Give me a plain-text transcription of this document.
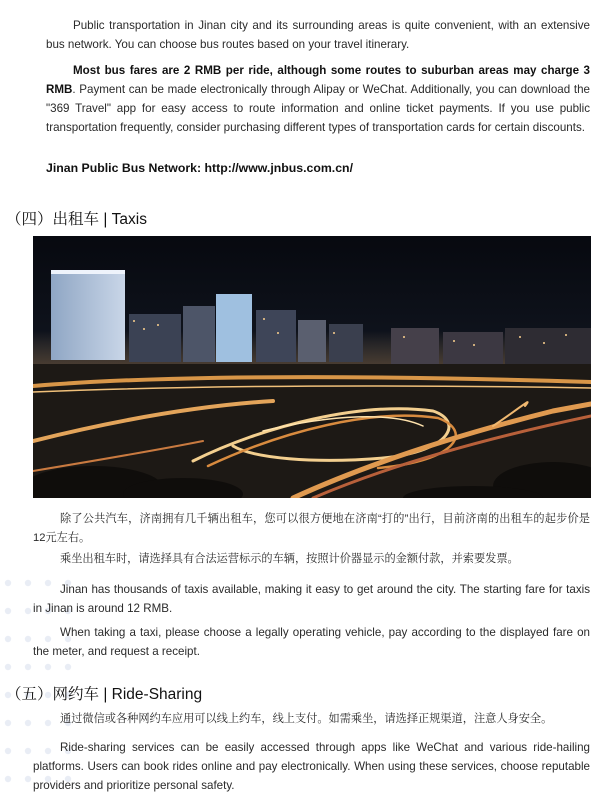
Public transportation in Jinan city and its surrounding areas is quite convenient, with an extensive bus network. You can choose bus routes based on your travel itinerary.

Most bus fares are 2 RMB per ride, although some routes to suburban areas may charge 3 RMB. Payment can be made electronically through Alipay or WeChat. Additionally, you can download the "369 Travel" app for easy access to route information and online ticket payments. If you use public transportation frequently, consider purchasing different types of transportation cards for certain discounts.

Jinan Public Bus Network: http://www.jnbus.com.cn/

（四）出租车 | Taxis

除了公共汽车，济南拥有几千辆出租车，您可以很方便地在济南“打的”出行，目前济南的出租车的起步价是12元左右。

乘坐出租车时，请选择具有合法运营标示的车辆，按照计价器显示的金额付款，并索要发票。

Jinan has thousands of taxis available, making it easy to get around the city. The starting fare for taxis in Jinan is around 12 RMB.

When taking a taxi, please choose a legally operating vehicle, pay according to the displayed fare on the meter, and request a receipt.

（五）网约车 | Ride-Sharing

通过微信或各种网约车应用可以线上约车，线上支付。如需乘坐，请选择正规渠道，注意人身安全。

Ride-sharing services can be easily accessed through apps like WeChat and various ride-hailing platforms. Users can book rides online and pay electronically. When using these services, choose reputable providers and prioritize personal safety.
